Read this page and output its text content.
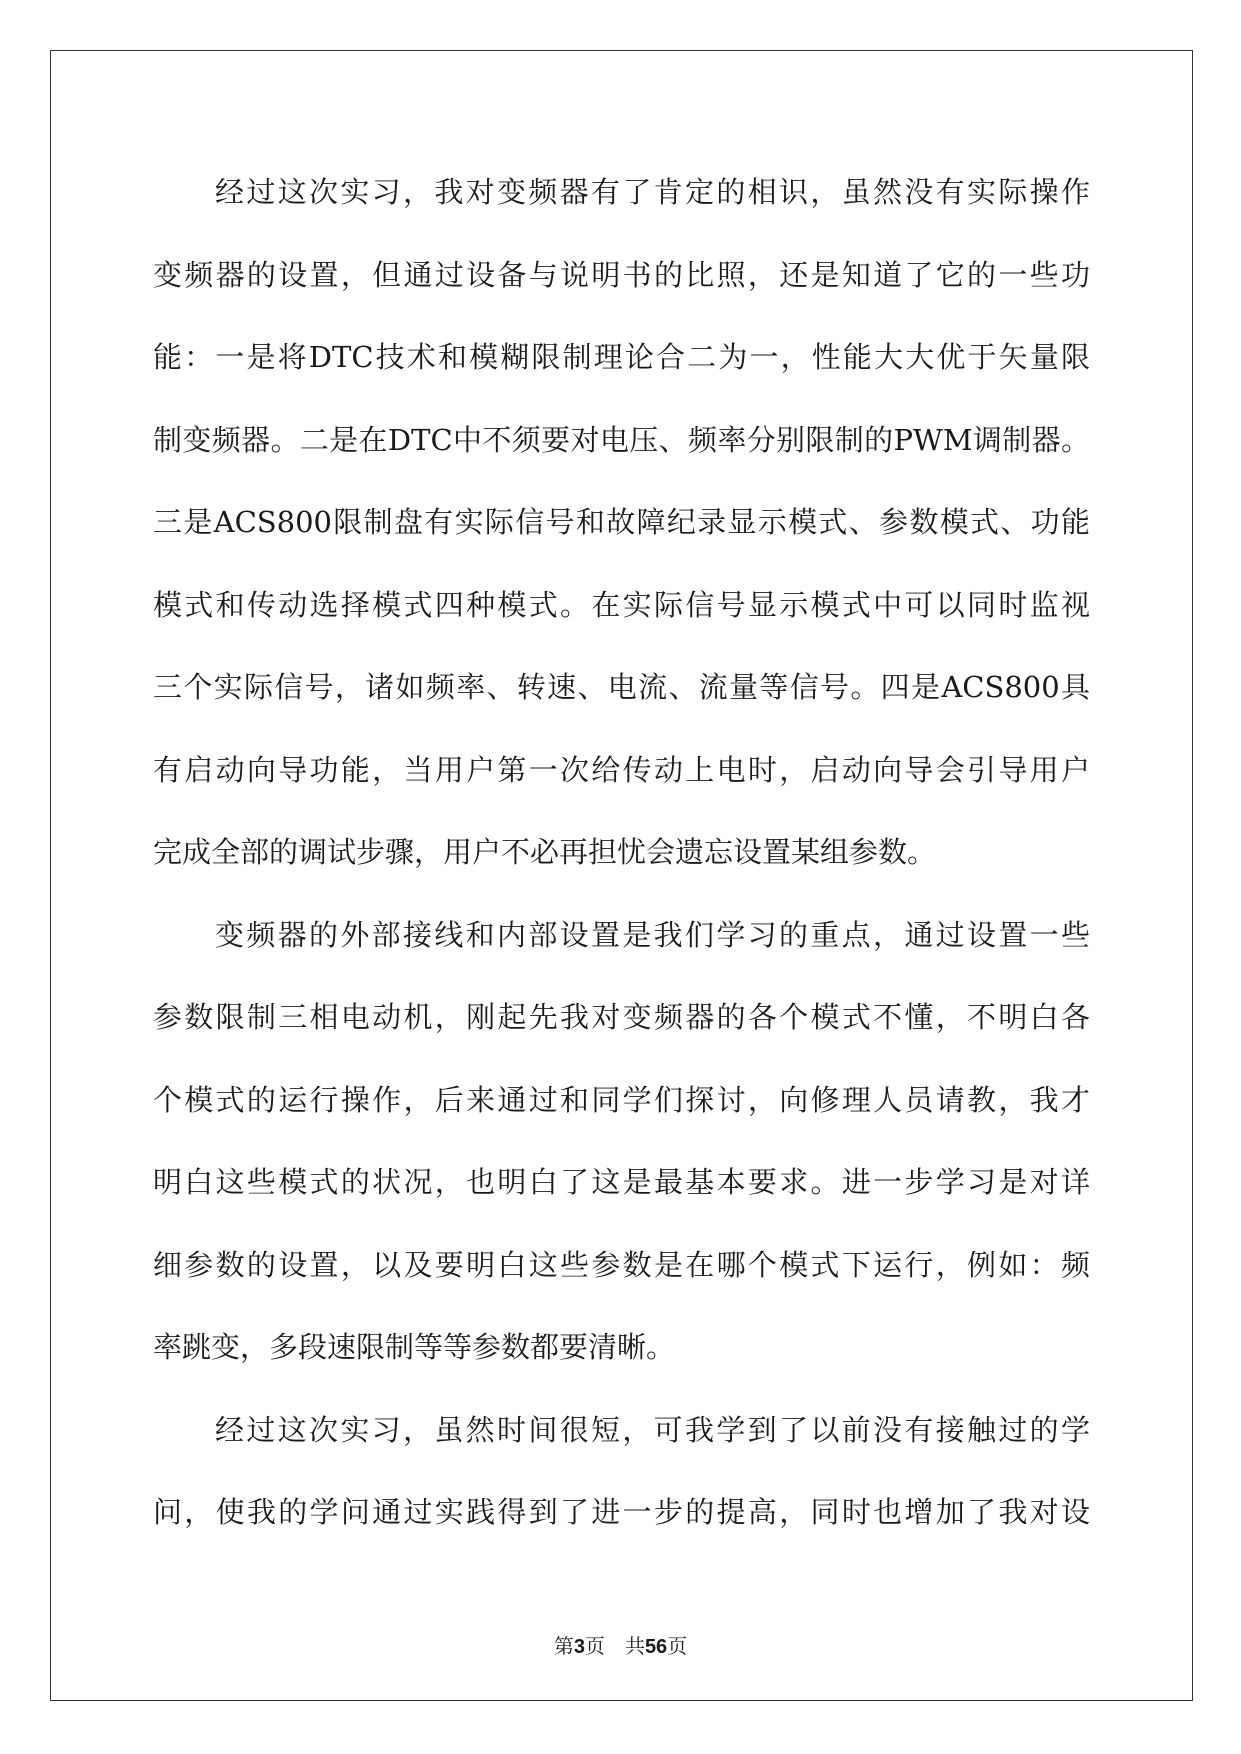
经过这次实习，我对变频器有了肯定的相识，虽然没有实际操作
变频器的设置，但通过设备与说明书的比照，还是知道了它的一些功
能：一是将DTC技术和模糊限制理论合二为一，性能大大优于矢量限
制变频器。二是在DTC中不须要对电压、频率分别限制的PWM调制器。
三是ACS800限制盘有实际信号和故障纪录显示模式、参数模式、功能
模式和传动选择模式四种模式。在实际信号显示模式中可以同时监视
三个实际信号，诸如频率、转速、电流、流量等信号。四是ACS800具
有启动向导功能，当用户第一次给传动上电时，启动向导会引导用户
完成全部的调试步骤，用户不必再担忧会遗忘设置某组参数。
变频器的外部接线和内部设置是我们学习的重点，通过设置一些
参数限制三相电动机，刚起先我对变频器的各个模式不懂，不明白各
个模式的运行操作，后来通过和同学们探讨，向修理人员请教，我才
明白这些模式的状况，也明白了这是最基本要求。进一步学习是对详
细参数的设置，以及要明白这些参数是在哪个模式下运行，例如：频
率跳变，多段速限制等等参数都要清晰。
经过这次实习，虽然时间很短，可我学到了以前没有接触过的学
问，使我的学问通过实践得到了进一步的提高，同时也增加了我对设
第3页 共56页
